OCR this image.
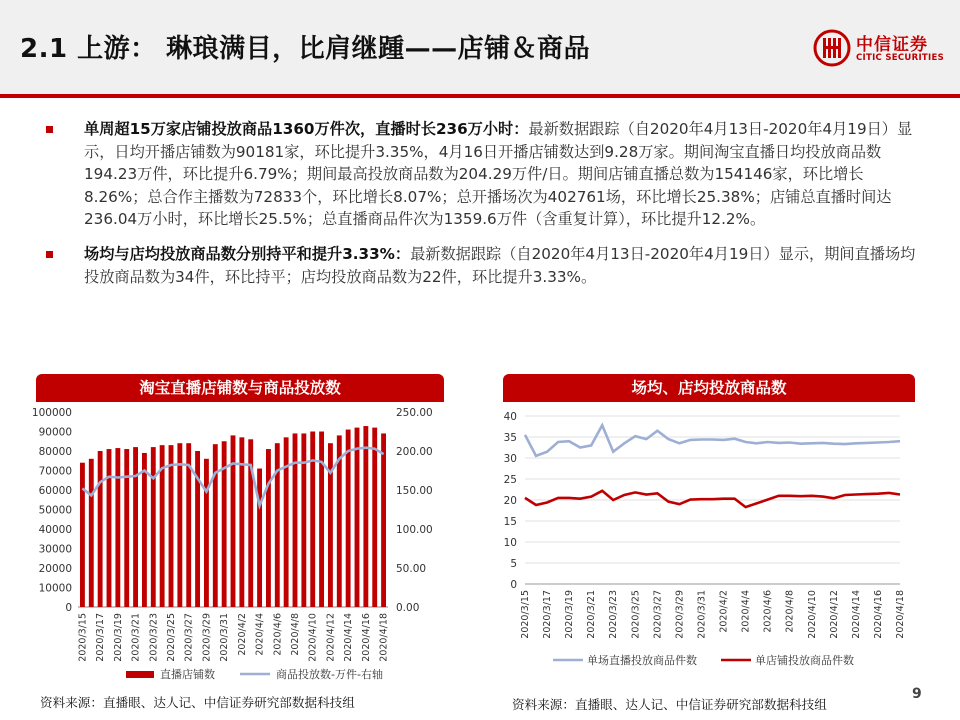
2.1 上游： 琳琅满目，比肩继踵——店铺＆商品	中信证券
CITIC SECURITIES
单周超15万家店铺投放商品1360万件次，直播时长236万小时：最新数据跟踪（自2020年4月13日-2020年4月19日）显示，日均开播店铺数为90181家，环比提升3.35%，4月16日开播店铺数达到9.28万家。期间淘宝直播日均投放商品数194.23万件，环比提升6.79%；期间最高投放商品数为204.29万件/日。期间店铺直播总数为154146家，环比增长8.26%；总合作主播数为72833个，环比增长8.07%；总开播场次为402761场，环比增长25.38%；店铺总直播时间达236.04万小时，环比增长25.5%；总直播商品件次为1359.6万件（含重复计算），环比提升12.2%。
场均与店均投放商品数分别持平和提升3.33%：最新数据跟踪（自2020年4月13日-2020年4月19日）显示，期间直播场均投放商品数为34件，环比持平；店均投放商品数为22件，环比提升3.33%。
淘宝直播店铺数与商品投放数
0
10000
20000
30000
40000
50000
60000
70000
80000
90000
100000
0.00
50.00
100.00
150.00
200.00
250.00
2020/3/15 2020/3/17 2020/3/19 2020/3/21 2020/3/23 2020/3/25 2020/3/27 2020/3/29 2020/3/31 2020/4/2 2020/4/4 2020/4/6 2020/4/8 2020/4/10 2020/4/12 2020/4/14 2020/4/16 2020/4/18
直播店铺数	商品投放数-万件-右轴
资料来源：直播眼、达人记、中信证券研究部数据科技组
场均、店均投放商品数
0
5
10
15
20
25
30
35
40
2020/3/15 2020/3/17 2020/3/19 2020/3/21 2020/3/23 2020/3/25 2020/3/27 2020/3/29 2020/3/31 2020/4/2 2020/4/4 2020/4/6 2020/4/8 2020/4/10 2020/4/12 2020/4/14 2020/4/16 2020/4/18
单场直播投放商品件数	单店铺投放商品件数
资料来源：直播眼、达人记、中信证券研究部数据科技组
9
